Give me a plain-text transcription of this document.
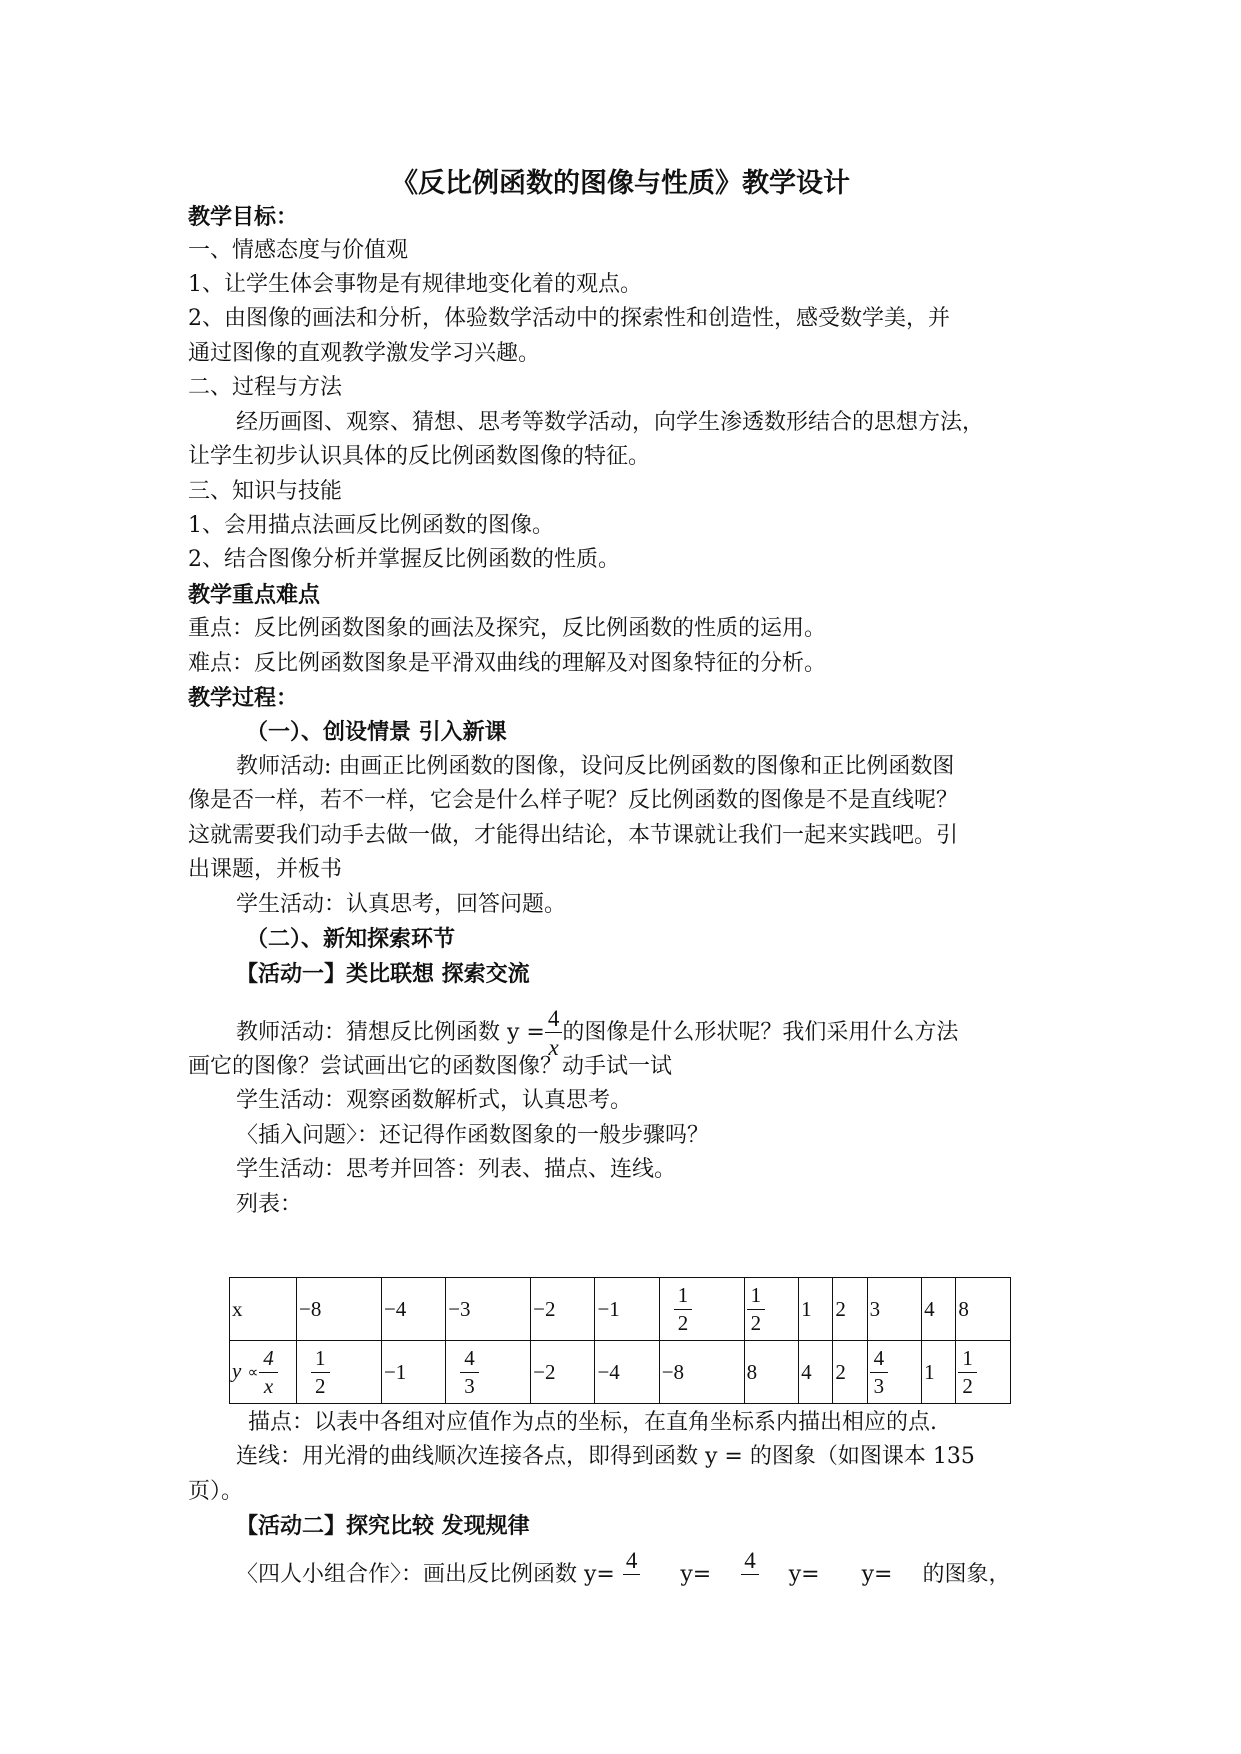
《反比例函数的图像与性质》教学设计
教学目标：
一、情感态度与价值观
1、让学生体会事物是有规律地变化着的观点。
2、由图像的画法和分析，体验数学活动中的探索性和创造性，感受数学美，并
通过图像的直观教学激发学习兴趣。
二、过程与方法
经历画图、观察、猜想、思考等数学活动，向学生渗透数形结合的思想方法，
让学生初步认识具体的反比例函数图像的特征。
三、知识与技能
1、会用描点法画反比例函数的图像。
2、结合图像分析并掌握反比例函数的性质。
教学重点难点
重点：反比例函数图象的画法及探究，反比例函数的性质的运用。
难点：反比例函数图象是平滑双曲线的理解及对图象特征的分析。
教学过程：
（一）、创设情景 引入新课
教师活动: 由画正比例函数的图像，设问反比例函数的图像和正比例函数图
像是否一样，若不一样，它会是什么样子呢？反比例函数的图像是不是直线呢？
这就需要我们动手去做一做，才能得出结论，本节课就让我们一起来实践吧。引
出课题，并板书
学生活动：认真思考，回答问题。
（二）、新知探索环节
【活动一】类比联想 探索交流
教师活动：猜想反比例函数 $y = \frac{4}{x}$ 的图像是什么形状呢？我们采用什么方法
画它的图像？尝试画出它的函数图像？动手试一试
学生活动：观察函数解析式，认真思考。
〈插入问题〉：还记得作函数图象的一般步骤吗？
学生活动：思考并回答：列表、描点、连线。
列表：
x	−8	−4	−3	−2	−1	$\frac{1}{2}$	$\frac{1}{2}$	1	2	3	4	8
$y \propto \frac{4}{x}$	$\frac{1}{2}$	−1	$\frac{4}{3}$	−2	−4	−8	8	4	2	$\frac{4}{3}$	1	$\frac{1}{2}$
描点：以表中各组对应值作为点的坐标，在直角坐标系内描出相应的点.
连线：用光滑的曲线顺次连接各点，即得到函数 y = 的图象（如图课本 135
页）。
【活动二】探究比较 发现规律
〈四人小组合作〉：画出反比例函数 y=
4

y=
4

y= y= 的图象，
